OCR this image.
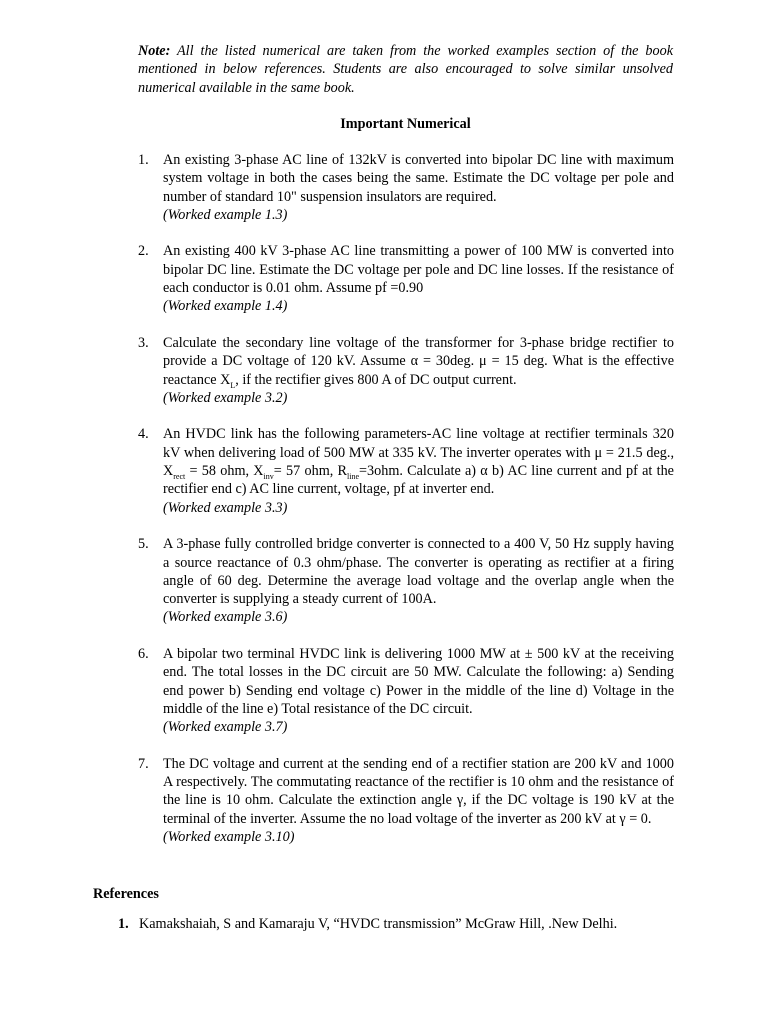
Note: All the listed numerical are taken from the worked examples section of the book mentioned in below references. Students are also encouraged to solve similar unsolved numerical available in the same book.
Important Numerical
1. An existing 3-phase AC line of 132kV is converted into bipolar DC line with maximum system voltage in both the cases being the same. Estimate the DC voltage per pole and number of standard 10" suspension insulators are required.
(Worked example 1.3)
2. An existing 400 kV 3-phase AC line transmitting a power of 100 MW is converted into bipolar DC line. Estimate the DC voltage per pole and DC line losses. If the resistance of each conductor is 0.01 ohm. Assume pf =0.90
(Worked example 1.4)
3. Calculate the secondary line voltage of the transformer for 3-phase bridge rectifier to provide a DC voltage of 120 kV. Assume α = 30deg. μ = 15 deg. What is the effective reactance $X_L$, if the rectifier gives 800 A of DC output current.
(Worked example 3.2)
4. An HVDC link has the following parameters-AC line voltage at rectifier terminals 320 kV when delivering load of 500 MW at 335 kV. The inverter operates with μ = 21.5 deg., $X_{rect} = 58$ ohm, $X_{inv}= 57$ ohm, $R_{line}=3ohm$. Calculate a) α b) AC line current and pf at the rectifier end c) AC line current, voltage, pf at inverter end.
(Worked example 3.3)
5. A 3-phase fully controlled bridge converter is connected to a 400 V, 50 Hz supply having a source reactance of 0.3 ohm/phase. The converter is operating as rectifier at a firing angle of 60 deg. Determine the average load voltage and the overlap angle when the converter is supplying a steady current of 100A.
(Worked example 3.6)
6. A bipolar two terminal HVDC link is delivering 1000 MW at ± 500 kV at the receiving end. The total losses in the DC circuit are 50 MW. Calculate the following: a) Sending end power b) Sending end voltage c) Power in the middle of the line d) Voltage in the middle of the line e) Total resistance of the DC circuit.
(Worked example 3.7)
7. The DC voltage and current at the sending end of a rectifier station are 200 kV and 1000 A respectively. The commutating reactance of the rectifier is 10 ohm and the resistance of the line is 10 ohm. Calculate the extinction angle γ, if the DC voltage is 190 kV at the terminal of the inverter. Assume the no load voltage of the inverter as 200 kV at γ = 0.
(Worked example 3.10)
References
1. Kamakshaiah, S and Kamaraju V, “HVDC transmission” McGraw Hill, .New Delhi.
